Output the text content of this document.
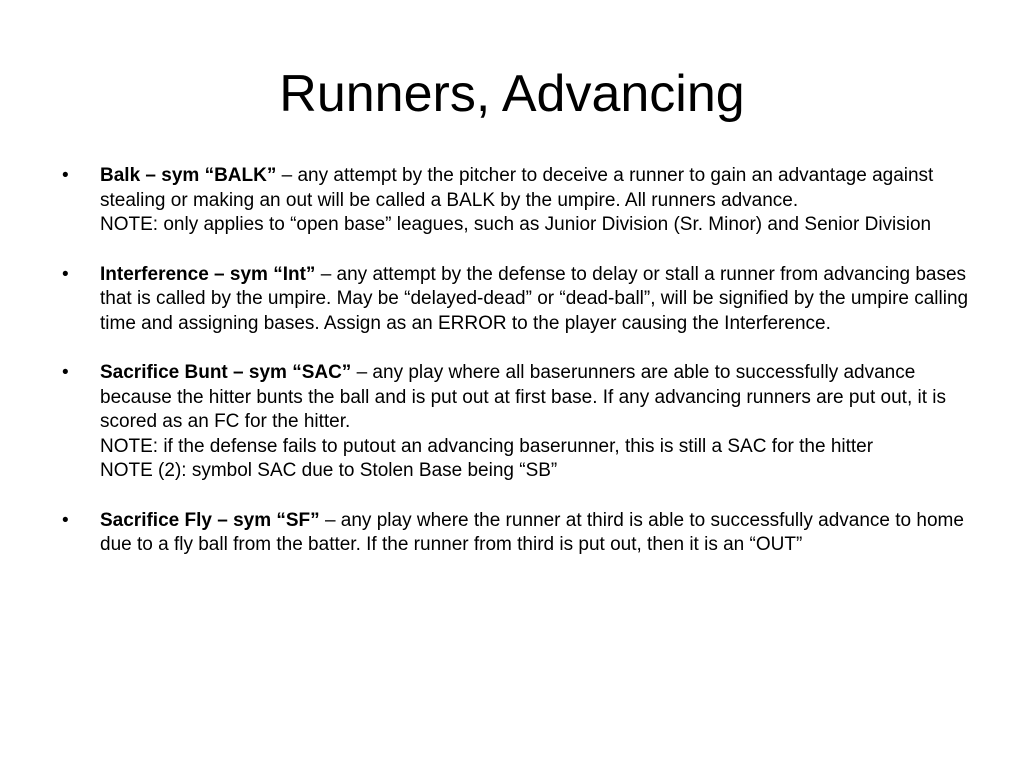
Runners, Advancing
• Balk – sym “BALK” – any attempt by the pitcher to deceive a runner to gain an advantage against stealing or making an out will be called a BALK by the umpire. All runners advance.
NOTE: only applies to “open base” leagues, such as Junior Division (Sr. Minor) and Senior Division
• Interference – sym “Int” – any attempt by the defense to delay or stall a runner from advancing bases that is called by the umpire. May be “delayed-dead” or “dead-ball”, will be signified by the umpire calling time and assigning bases. Assign as an ERROR to the player causing the Interference.
• Sacrifice Bunt – sym “SAC” – any play where all baserunners are able to successfully advance because the hitter bunts the ball and is put out at first base. If any advancing runners are put out, it is scored as an FC for the hitter.
NOTE: if the defense fails to putout an advancing baserunner, this is still a SAC for the hitter
NOTE (2): symbol SAC due to Stolen Base being “SB”
• Sacrifice Fly – sym “SF” – any play where the runner at third is able to successfully advance to home due to a fly ball from the batter. If the runner from third is put out, then it is an “OUT”
